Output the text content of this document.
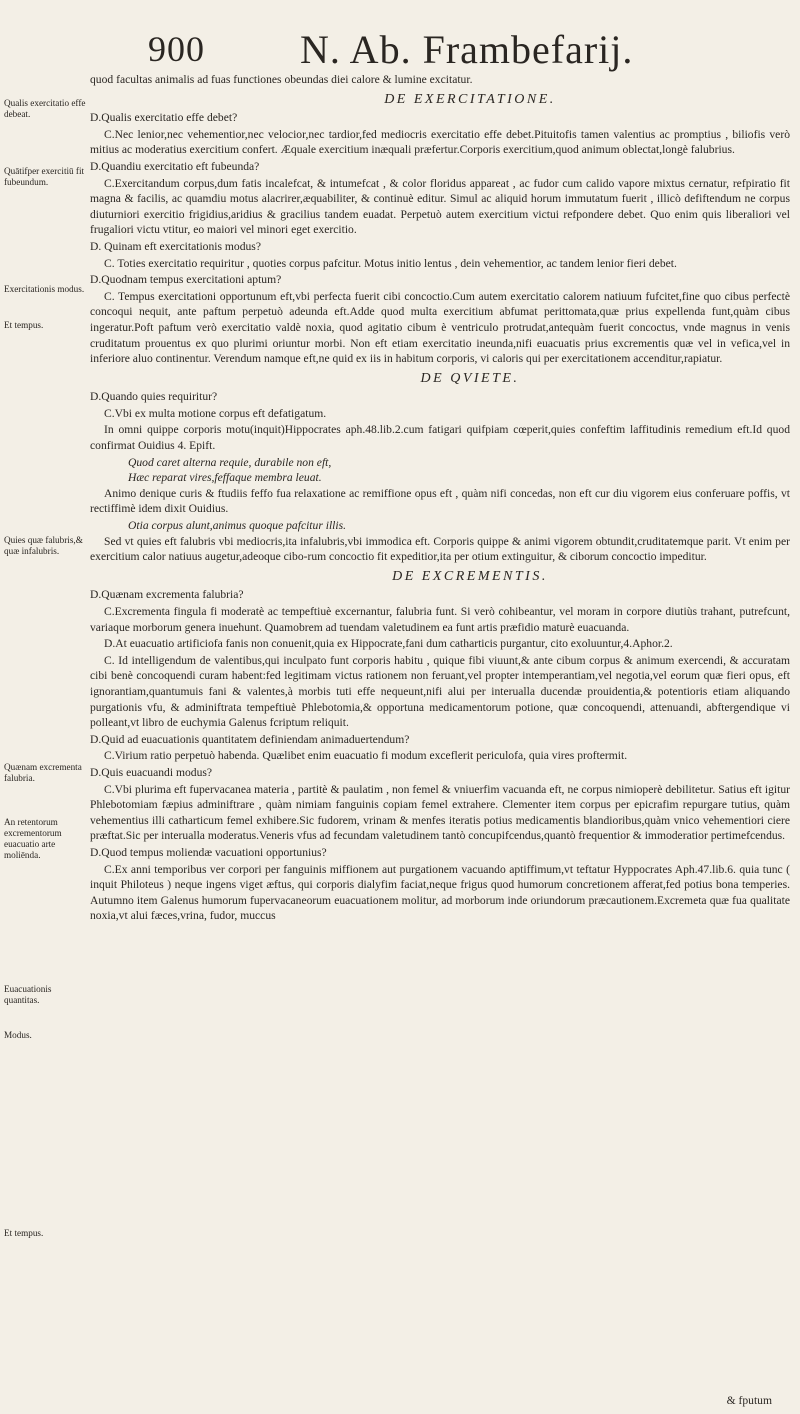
900 N. Ab. Frambefarij.
Qualis exercitatio effe debeat.
Quātifper exercitiū fit fubeundum.
Exercitationis modus.
Et tempus.
Quies quæ falubris,& quæ infalubris.
Quænam excrementa falubria.
An retentorum excrementorum euacuatio arte moliēnda.
Euacuationis quantitas.
Modus.
Et tempus.

quod facultas animalis ad fuas functiones obeundas diei calore & lumine excitatur.

DE EXERCITATIONE.

D.Qualis exercitatio effe debet?

C.Nec lenior,nec vehementior,nec velocior,nec tardior,fed mediocris exercitatio effe debet.Pituitofis tamen valentius ac promptius , biliofis verò mitius ac moderatius exercitium confert. Æquale exercitium inæquali præfertur.Corporis exercitium,quod animum oblectat,longè falubrius.

D.Quandiu exercitatio eft fubeunda?

C.Exercitandum corpus,dum fatis incalefcat, & intumefcat , & color floridus appareat , ac fudor cum calido vapore mixtus cernatur, refpiratio fit magna & facilis, ac quamdiu motus alacrirer,æquabiliter, & continuè editur. Simul ac aliquid horum immutatum fuerit , illicò defiftendum ne corpus diuturniori exercitio frigidius,aridius & gracilius tandem euadat. Perpetuò autem exercitium victui refpondere debet. Quo enim quis liberaliori vel frugaliori victu vtitur, eo maiori vel minori eget exercitio.

D. Quinam eft exercitationis modus?

C. Toties exercitatio requiritur , quoties corpus pafcitur. Motus initio lentus , dein vehementior, ac tandem lenior fieri debet.

D.Quodnam tempus exercitationi aptum?

C. Tempus exercitationi opportunum eft,vbi perfecta fuerit cibi concoctio.Cum autem exercitatio calorem natiuum fufcitet,fine quo cibus perfectè concoqui nequit, ante paftum perpetuò adeunda eft.Adde quod multa exercitium abfumat perittomata,quæ prius expellenda funt,quàm cibus ingeratur.Poft paftum verò exercitatio valdè noxia, quod agitatio cibum è ventriculo protrudat,antequàm fuerit concoctus, vnde magnus in venis cruditatum prouentus ex quo plurimi oriuntur morbi. Non eft etiam exercitatio ineunda,nifi euacuatis prius excrementis quæ vel in vefica,vel in inferiore aluo continentur. Verendum namque eft,ne quid ex iis in habitum corporis, vi caloris qui per exercitationem accenditur,rapiatur.

DE QVIETE.

D.Quando quies requiritur?

C.Vbi ex multa motione corpus eft defatigatum.

In omni quippe corporis motu(inquit)Hippocrates aph.48.lib.2.cum fatigari quifpiam cœperit,quies confeftim laffitudinis remedium eft.Id quod confirmat Ouidius 4. Epift.

Quod caret alterna requie, durabile non eft,

Hæc reparat vires,feffaque membra leuat.

Animo denique curis & ftudiis feffo fua relaxatione ac remiffione opus eft , quàm nifi concedas, non eft cur diu vigorem eius conferuare poffis, vt rectiffimè idem dixit Ouidius.

Otia corpus alunt,animus quoque pafcitur illis.

Sed vt quies eft falubris vbi mediocris,ita infalubris,vbi immodica eft. Corporis quippe & animi vigorem obtundit,cruditatemque parit. Vt enim per exercitium calor natiuus augetur,adeoque cibo-rum concoctio fit expeditior,ita per otium extinguitur, & ciborum concoctio impeditur.

DE EXCREMENTIS.

D.Quænam excrementa falubria?

C.Excrementa fingula fi moderatè ac tempeftiuè excernantur, falubria funt. Si verò cohibeantur, vel moram in corpore diutiùs trahant, putrefcunt, variaque morborum genera inuehunt. Quamobrem ad tuendam valetudinem ea funt artis præfidio maturè euacuanda.

D.At euacuatio artificiofa fanis non conuenit,quia ex Hippocrate,fani dum catharticis purgantur, cito exoluuntur,4.Aphor.2.

C. Id intelligendum de valentibus,qui inculpato funt corporis habitu , quique fibi viuunt,& ante cibum corpus & animum exercendi, & accuratam cibi benè concoquendi curam habent:fed legitimam victus rationem non feruant,vel propter intemperantiam,vel negotia,vel eorum quæ fieri opus, eft ignorantiam,quantumuis fani & valentes,à morbis tuti effe nequeunt,nifi alui per interualla ducendæ prouidentia,& potentioris etiam aliquando purgationis vfu, & adminiftrata tempeftiuè Phlebotomia,& opportuna medicamentorum potione, quæ concoquendi, attenuandi, abftergendique vi polleant,vt libro de euchymia Galenus fcriptum reliquit.

D.Quid ad euacuationis quantitatem definiendam animaduertendum?

C.Virium ratio perpetuò habenda. Quælibet enim euacuatio fi modum exceflerit periculofa, quia vires proftermit.

D.Quis euacuandi modus?

C.Vbi plurima eft fupervacanea materia , partitè & paulatim , non femel & vniuerfim vacuanda eft, ne corpus nimioperè debilitetur. Satius eft igitur Phlebotomiam fæpius adminiftrare , quàm nimiam fanguinis copiam femel extrahere. Clementer item corpus per epicrafim repurgare tutius, quàm vehementius illi catharticum femel exhibere.Sic fudorem, vrinam & menfes iteratis potius medicamentis blandioribus,quàm vnico vehementiori ciere præftat.Sic per interualla moderatus.Veneris vfus ad fecundam valetudinem tantò concupifcendus,quantò frequentior & immoderatior pertimefcendus.

D.Quod tempus moliendæ vacuationi opportunius?

C.Ex anni temporibus ver corpori per fanguinis miffionem aut purgationem vacuando aptiffimum,vt teftatur Hyppocrates Aph.47.lib.6. quia tunc ( inquit Philoteus ) neque ingens viget æftus, qui corporis dialyfim faciat,neque frigus quod humorum concretionem afferat,fed potius bona temperies. Autumno item Galenus humorum fupervacaneorum euacuationem molitur, ad morborum inde oriundorum præcautionem.Excremeta quæ fua qualitate noxia,vt alui fæces,vrina, fudor, muccus

& fputum
